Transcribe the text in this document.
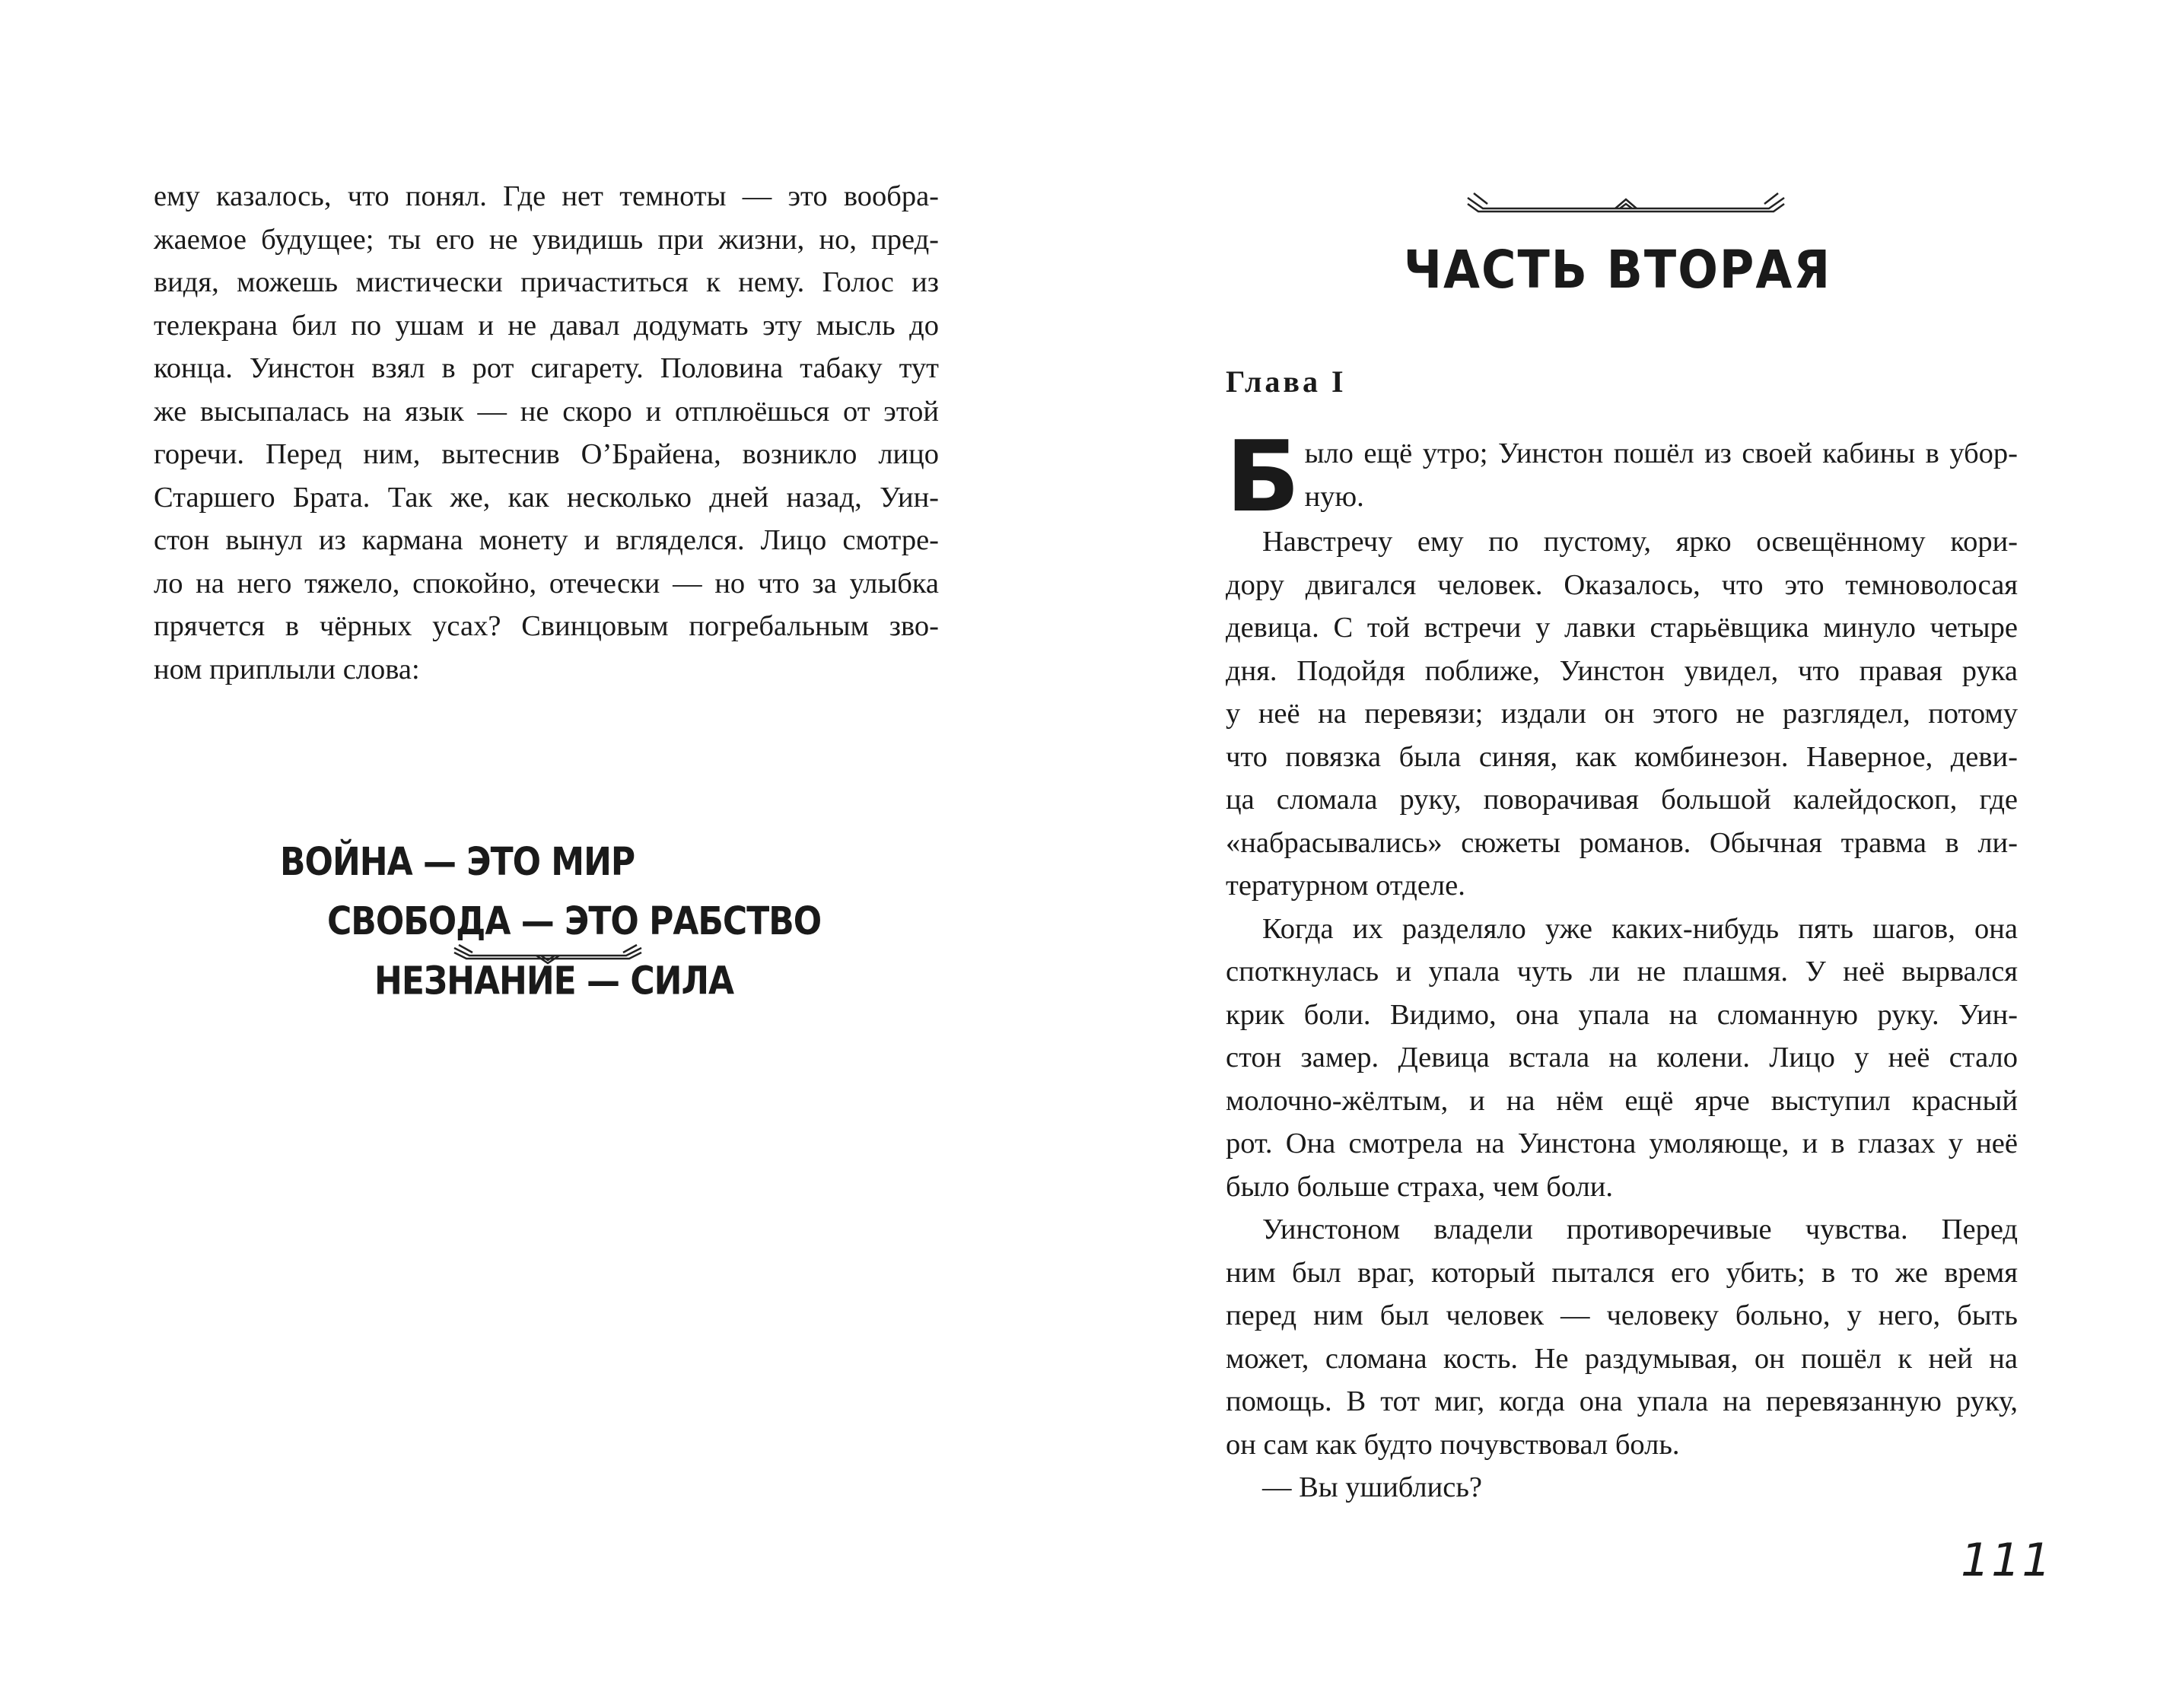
ему казалось, что понял. Где нет темноты — это вообра-
жаемое будущее; ты его не увидишь при жизни, но, пред-
видя, можешь мистически причаститься к нему. Голос из
телекрана бил по ушам и не давал додумать эту мысль до
конца. Уинстон взял в рот сигарету. Половина табаку тут
же высыпалась на язык — не скоро и отплюёшься от этой
горечи. Перед ним, вытеснив О’Брайена, возникло лицо
Старшего Брата. Так же, как несколько дней назад, Уин-
стон вынул из кармана монету и вгляделся. Лицо смотре-
ло на него тяжело, спокойно, отечески — но что за улыбка
прячется в чёрных усах? Свинцовым погребальным зво-
ном приплыли слова:
ВОЙНА — ЭТО МИР
СВОБОДА — ЭТО РАБСТВО
НЕЗНАНИЕ — СИЛА
ЧАСТЬ ВТОРАЯ
Глава I
Б ыло ещё утро; Уинстон пошёл из своей кабины в убор-
ную.

Навстречу ему по пустому, ярко освещённому кори-
дору двигался человек. Оказалось, что это темноволосая
девица. С той встречи у лавки старьёвщика минуло четыре
дня. Подойдя поближе, Уинстон увидел, что правая рука
у неё на перевязи; издали он этого не разглядел, потому
что повязка была синяя, как комбинезон. Наверное, деви-
ца сломала руку, поворачивая большой калейдоскоп, где
«набрасывались» сюжеты романов. Обычная травма в ли-
тературном отделе.

Когда их разделяло уже каких-нибудь пять шагов, она
споткнулась и упала чуть ли не плашмя. У неё вырвался
крик боли. Видимо, она упала на сломанную руку. Уин-
стон замер. Девица встала на колени. Лицо у неё стало
молочно-жёлтым, и на нём ещё ярче выступил красный
рот. Она смотрела на Уинстона умоляюще, и в глазах у неё
было больше страха, чем боли.

Уинстоном владели противоречивые чувства. Перед
ним был враг, который пытался его убить; в то же время
перед ним был человек — человеку больно, у него, быть
может, сломана кость. Не раздумывая, он пошёл к ней на
помощь. В тот миг, когда она упала на перевязанную руку,
он сам как будто почувствовал боль.

— Вы ушиблись?

111
